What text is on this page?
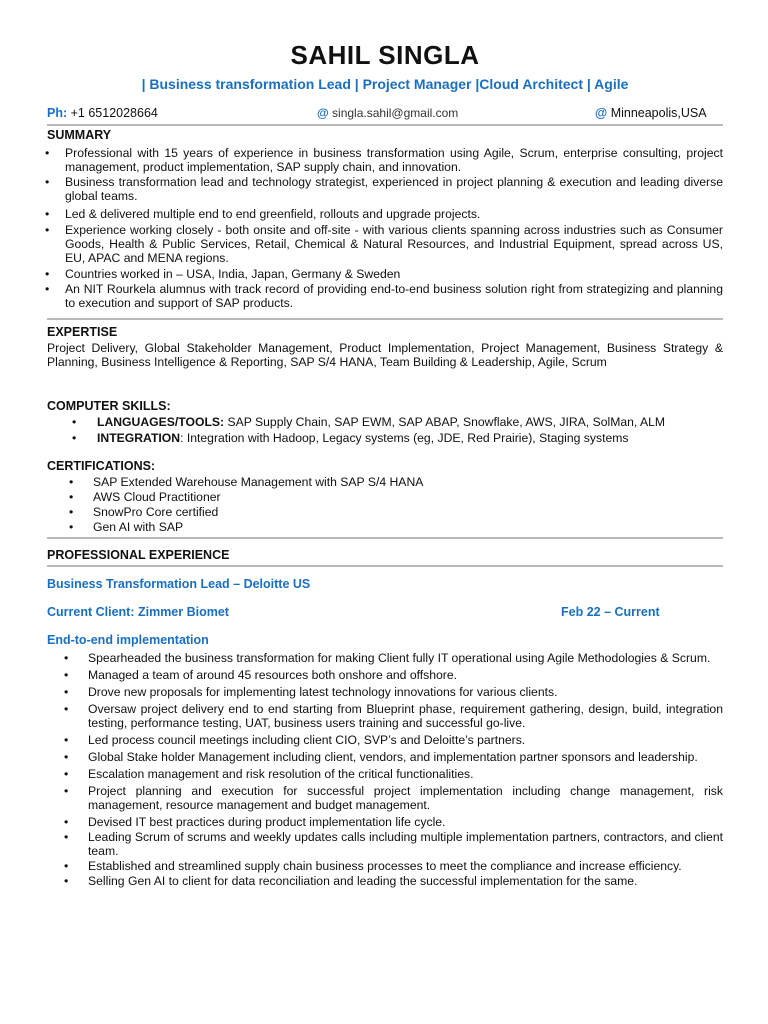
SAHIL SINGLA
| Business transformation Lead | Project Manager |Cloud Architect | Agile
Ph: +1 6512028664	@ singla.sahil@gmail.com	@ Minneapolis,USA
SUMMARY
• Professional with 15 years of experience in business transformation using Agile, Scrum, enterprise consulting, project management, product implementation, SAP supply chain, and innovation.
• Business transformation lead and technology strategist, experienced in project planning & execution and leading diverse global teams.
• Led & delivered multiple end to end greenfield, rollouts and upgrade projects.
• Experience working closely - both onsite and off-site - with various clients spanning across industries such as Consumer Goods, Health & Public Services, Retail, Chemical & Natural Resources, and Industrial Equipment, spread across US, EU, APAC and MENA regions.
• Countries worked in – USA, India, Japan, Germany & Sweden
• An NIT Rourkela alumnus with track record of providing end-to-end business solution right from strategizing and planning to execution and support of SAP products.
EXPERTISE
Project Delivery, Global Stakeholder Management, Product Implementation, Project Management, Business Strategy & Planning, Business Intelligence & Reporting, SAP S/4 HANA, Team Building & Leadership, Agile, Scrum
COMPUTER SKILLS:
• LANGUAGES/TOOLS: SAP Supply Chain, SAP EWM, SAP ABAP, Snowflake, AWS, JIRA, SolMan, ALM
• INTEGRATION: Integration with Hadoop, Legacy systems (eg, JDE, Red Prairie), Staging systems
CERTIFICATIONS:
• SAP Extended Warehouse Management with SAP S/4 HANA
• AWS Cloud Practitioner
• SnowPro Core certified
• Gen AI with SAP
PROFESSIONAL EXPERIENCE
Business Transformation Lead – Deloitte US
Current Client: Zimmer Biomet	Feb 22 – Current
End-to-end implementation
• Spearheaded the business transformation for making Client fully IT operational using Agile Methodologies & Scrum.
• Managed a team of around 45 resources both onshore and offshore.
• Drove new proposals for implementing latest technology innovations for various clients.
• Oversaw project delivery end to end starting from Blueprint phase, requirement gathering, design, build, integration testing, performance testing, UAT, business users training and successful go-live.
• Led process council meetings including client CIO, SVP’s and Deloitte’s partners.
• Global Stake holder Management including client, vendors, and implementation partner sponsors and leadership.
• Escalation management and risk resolution of the critical functionalities.
• Project planning and execution for successful project implementation including change management, risk management, resource management and budget management.
• Devised IT best practices during product implementation life cycle.
• Leading Scrum of scrums and weekly updates calls including multiple implementation partners, contractors, and client team.
• Established and streamlined supply chain business processes to meet the compliance and increase efficiency.
• Selling Gen AI to client for data reconciliation and leading the successful implementation for the same.
